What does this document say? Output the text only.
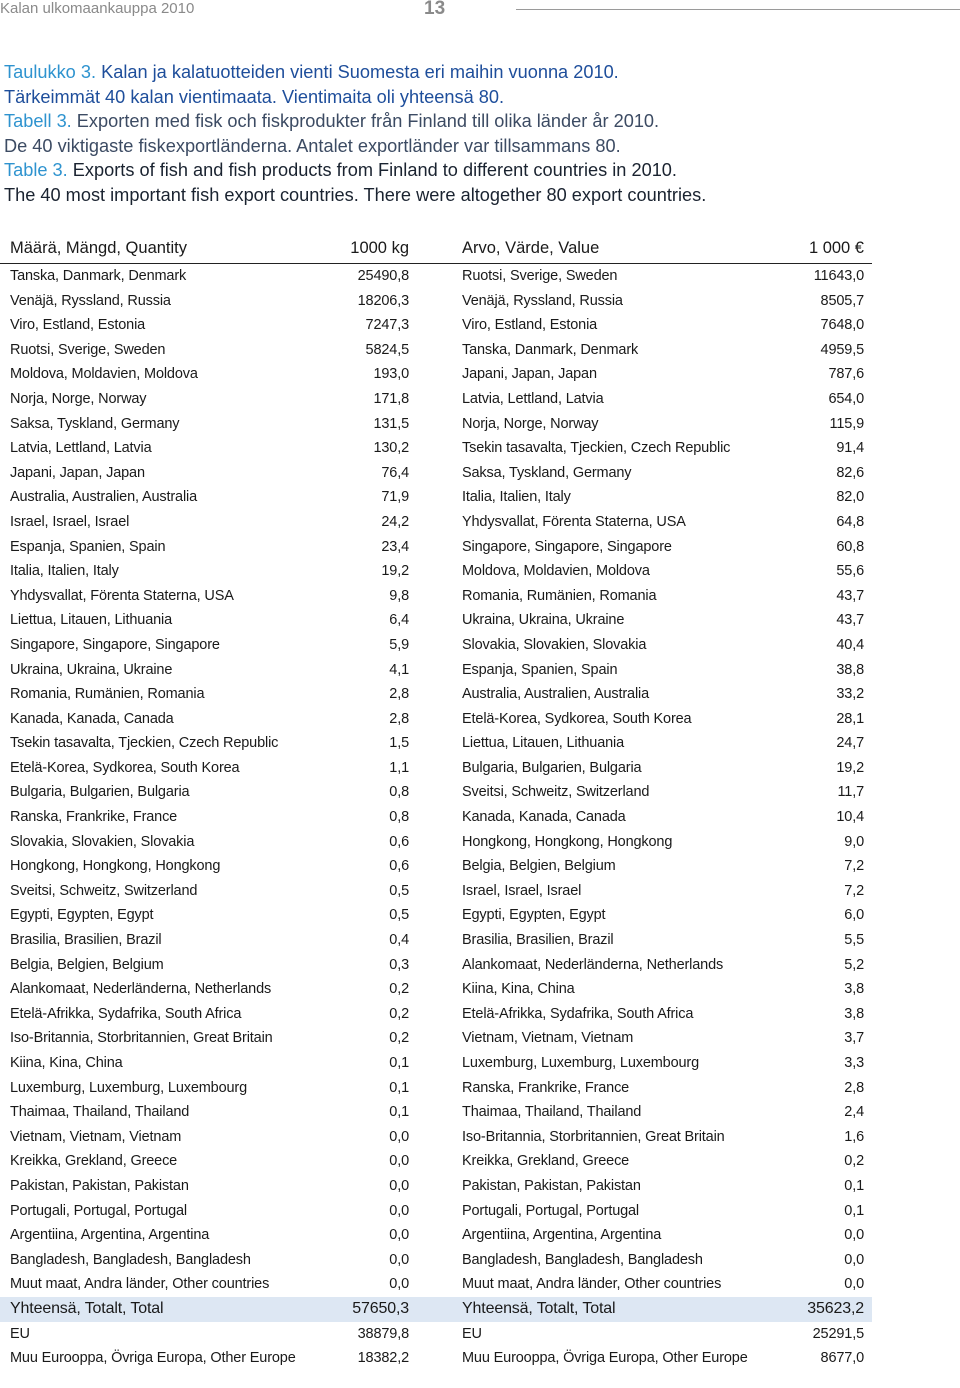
Kalan ulkomaankauppa 2010	13
Taulukko 3. Kalan ja kalatuotteiden vienti Suomesta eri maihin vuonna 2010.
Tärkeimmät 40 kalan vientimaata. Vientimaita oli yhteensä 80.
Tabell 3. Exporten med fisk och fiskprodukter från Finland till olika länder år 2010.
De 40 viktigaste fiskexportländerna. Antalet exportländer var tillsammans 80.
Table 3. Exports of fish and fish products from Finland to different countries in 2010.
The 40 most important fish export countries. There were altogether 80 export countries.
Määrä, Mängd, Quantity	1000 kg	Arvo, Värde, Value	1 000 €
Tanska, Danmark, Denmark	25490,8	Ruotsi, Sverige, Sweden	11643,0
Venäjä, Ryssland, Russia	18206,3	Venäjä, Ryssland, Russia	8505,7
Viro, Estland, Estonia	7247,3	Viro, Estland, Estonia	7648,0
Ruotsi, Sverige, Sweden	5824,5	Tanska, Danmark, Denmark	4959,5
Moldova, Moldavien, Moldova	193,0	Japani, Japan, Japan	787,6
Norja, Norge, Norway	171,8	Latvia, Lettland, Latvia	654,0
Saksa, Tyskland, Germany	131,5	Norja, Norge, Norway	115,9
Latvia, Lettland, Latvia	130,2	Tsekin tasavalta, Tjeckien, Czech Republic	91,4
Japani, Japan, Japan	76,4	Saksa, Tyskland, Germany	82,6
Australia, Australien, Australia	71,9	Italia, Italien, Italy	82,0
Israel, Israel, Israel	24,2	Yhdysvallat, Förenta Staterna, USA	64,8
Espanja, Spanien, Spain	23,4	Singapore, Singapore, Singapore	60,8
Italia, Italien, Italy	19,2	Moldova, Moldavien, Moldova	55,6
Yhdysvallat, Förenta Staterna, USA	9,8	Romania, Rumänien, Romania	43,7
Liettua, Litauen, Lithuania	6,4	Ukraina, Ukraina, Ukraine	43,7
Singapore, Singapore, Singapore	5,9	Slovakia, Slovakien, Slovakia	40,4
Ukraina, Ukraina, Ukraine	4,1	Espanja, Spanien, Spain	38,8
Romania, Rumänien, Romania	2,8	Australia, Australien, Australia	33,2
Kanada, Kanada, Canada	2,8	Etelä-Korea, Sydkorea, South Korea	28,1
Tsekin tasavalta, Tjeckien, Czech Republic	1,5	Liettua, Litauen, Lithuania	24,7
Etelä-Korea, Sydkorea, South Korea	1,1	Bulgaria, Bulgarien, Bulgaria	19,2
Bulgaria, Bulgarien, Bulgaria	0,8	Sveitsi, Schweitz, Switzerland	11,7
Ranska, Frankrike, France	0,8	Kanada, Kanada, Canada	10,4
Slovakia, Slovakien, Slovakia	0,6	Hongkong, Hongkong, Hongkong	9,0
Hongkong, Hongkong, Hongkong	0,6	Belgia, Belgien, Belgium	7,2
Sveitsi, Schweitz, Switzerland	0,5	Israel, Israel, Israel	7,2
Egypti, Egypten, Egypt	0,5	Egypti, Egypten, Egypt	6,0
Brasilia, Brasilien, Brazil	0,4	Brasilia, Brasilien, Brazil	5,5
Belgia, Belgien, Belgium	0,3	Alankomaat, Nederländerna, Netherlands	5,2
Alankomaat, Nederländerna, Netherlands	0,2	Kiina, Kina, China	3,8
Etelä-Afrikka, Sydafrika, South Africa	0,2	Etelä-Afrikka, Sydafrika, South Africa	3,8
Iso-Britannia, Storbritannien, Great Britain	0,2	Vietnam, Vietnam, Vietnam	3,7
Kiina, Kina, China	0,1	Luxemburg, Luxemburg, Luxembourg	3,3
Luxemburg, Luxemburg, Luxembourg	0,1	Ranska, Frankrike, France	2,8
Thaimaa, Thailand, Thailand	0,1	Thaimaa, Thailand, Thailand	2,4
Vietnam, Vietnam, Vietnam	0,0	Iso-Britannia, Storbritannien, Great Britain	1,6
Kreikka, Grekland, Greece	0,0	Kreikka, Grekland, Greece	0,2
Pakistan, Pakistan, Pakistan	0,0	Pakistan, Pakistan, Pakistan	0,1
Portugali, Portugal, Portugal	0,0	Portugali, Portugal, Portugal	0,1
Argentiina, Argentina, Argentina	0,0	Argentiina, Argentina, Argentina	0,0
Bangladesh, Bangladesh, Bangladesh	0,0	Bangladesh, Bangladesh, Bangladesh	0,0
Muut maat, Andra länder, Other countries	0,0	Muut maat, Andra länder, Other countries	0,0
Yhteensä, Totalt, Total	57650,3	Yhteensä, Totalt, Total	35623,2
EU	38879,8	EU	25291,5
Muu Eurooppa, Övriga Europa, Other Europe	18382,2	Muu Eurooppa, Övriga Europa, Other Europe	8677,0
